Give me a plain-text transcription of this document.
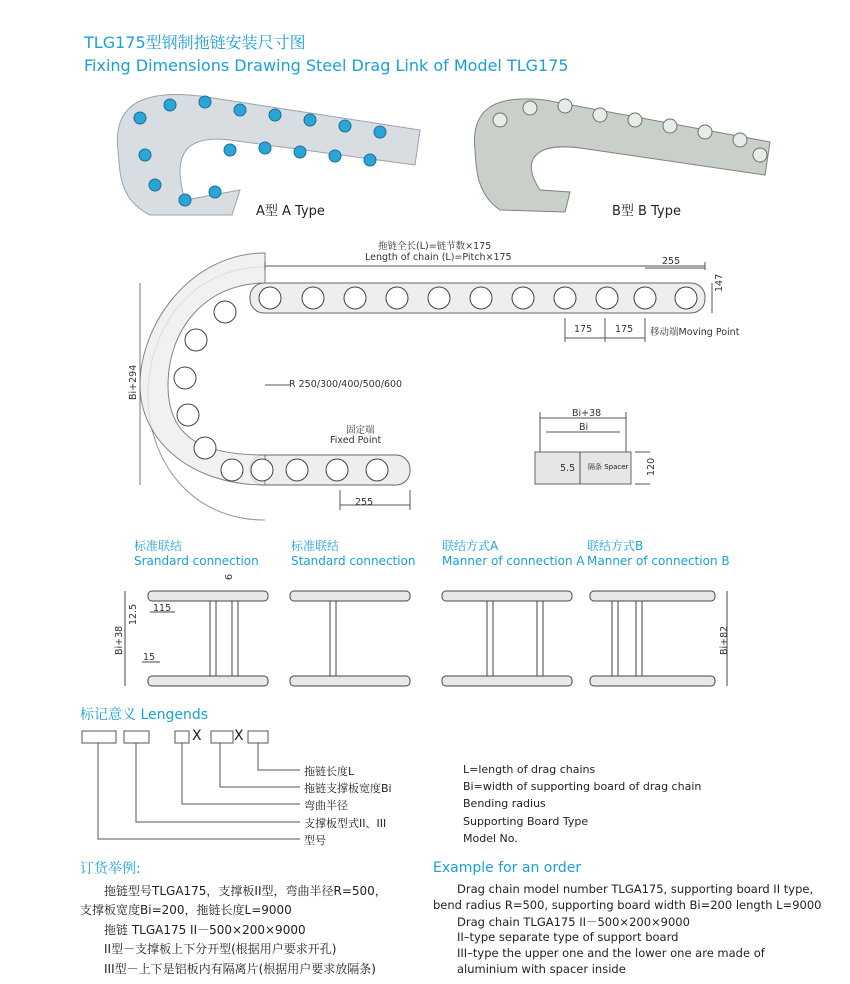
TLG175型钢制拖链安装尺寸图
Fixing Dimensions Drawing Steel Drag Link of Model TLG175
A型 A Type	B型 B Type
拖链全长(L)=链节数×175
Length of chain (L)=Pitch×175	255
147
175 175 移动端Moving Point
R 250/300/400/500/600
Bi+294
固定端
Fixed Point
255
Bi+38
Bi
5.5 隔条 Spacer 120
标准联结
Srandard connection
标准联结
Standard connection
联结方式A
Manner of connection A
联结方式B
Manner of connection B
6
12.5 115
Bi+38
15
Bi+82
标记意义 Lengends
X X
拖链长度L
拖链支撑板宽度Bi
弯曲半径
支撑板型式II、III
型号
L=length of drag chains
Bi=width of supporting board of drag chain
Bending radius
Supporting Board Type
Model No.
订货举例:	Example for an order
拖链型号TLGA175，支撑板II型，弯曲半径R=500，
支撑板宽度Bi=200，拖链长度L=9000
拖链 TLGA175 II－500×200×9000
II型－支撑板上下分开型(根据用户要求开孔)
III型－上下是铝板内有隔离片(根据用户要求放隔条)
Drag chain model number TLGA175, supporting board II type,
bend radius R=500, supporting board width Bi=200 length L=9000
Drag chain TLGA175 II－500×200×9000
II–type separate type of support board
III–type the upper one and the lower one are made of
aluminium with spacer inside
